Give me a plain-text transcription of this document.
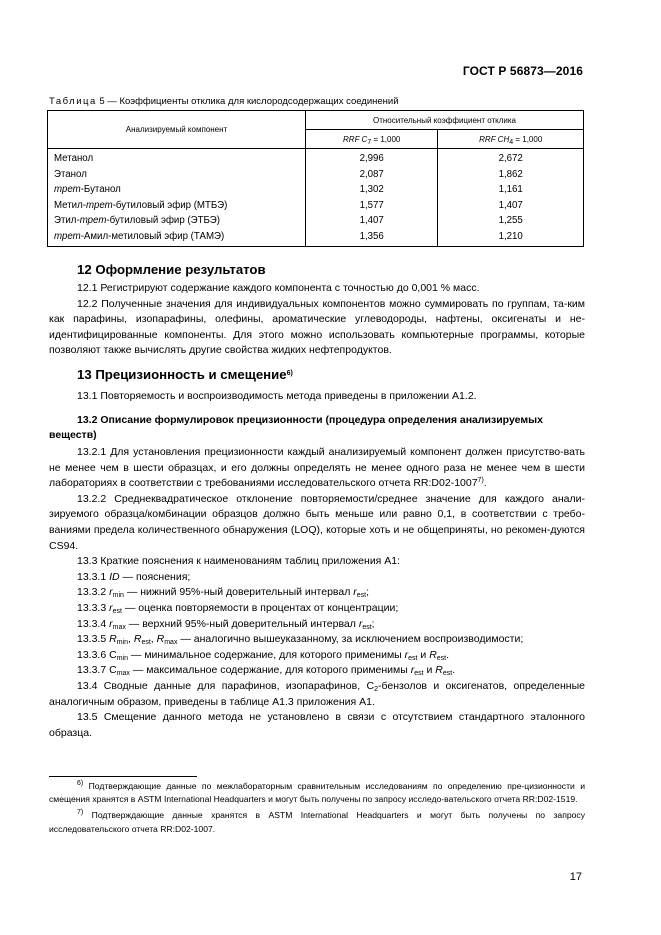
ГОСТ Р 56873—2016
Таблица 5 — Коэффициенты отклика для кислородсодержащих соединений
Анализируемый компонент	Относительный коэффициент отклика	
	RRF $C_7 = 1,000$	RRF $CH_4 = 1,000$
Метанол	2,996	2,672
Этанол	2,087	1,862
трет-Бутанол	1,302	1,161
Метил-трет-бутиловый эфир (МТБЭ)	1,577	1,407
Этил-трет-бутиловый эфир (ЭТБЭ)	1,407	1,255
трет-Амил-метиловый эфир (ТАМЭ)	1,356	1,210
12 Оформление результатов
12.1 Регистрируют содержание каждого компонента с точностью до 0,001 % масс.
12.2 Полученные значения для индивидуальных компонентов можно суммировать по группам, та-ким как парафины, изопарафины, олефины, ароматические углеводороды, нафтены, оксигенаты и не-идентифицированные компоненты. Для этого можно использовать компьютерные программы, которые позволяют также вычислять другие свойства жидких нефтепродуктов.
13 Прецизионность и смещение$^{6)}$
13.1 Повторяемость и воспроизводимость метода приведены в приложении А1.2.
13.2 Описание формулировок прецизионности (процедура определения анализируемых веществ)
13.2.1 Для установления прецизионности каждый анализируемый компонент должен присутство-вать не менее чем в шести образцах, и его должны определять не менее одного раза не менее чем в шести лабораториях в соответствии с требованиями исследовательского отчета RR:D02-1007$^{7)}$.
13.2.2 Среднеквадратическое отклонение повторяемости/среднее значение для каждого анали-зируемого образца/комбинации образцов должно быть меньше или равно 0,1, в соответствии с требо-ваниями предела количественного обнаружения (LOQ), которые хоть и не общеприняты, но рекомен-дуются CS94.
13.3 Краткие пояснения к наименованиям таблиц приложения А1:
13.3.1 ID — пояснения;
13.3.2 $r_{min}$ — нижний 95%-ный доверительный интервал $r_{est}$;
13.3.3 $r_{est}$ — оценка повторяемости в процентах от концентрации;
13.3.4 $r_{max}$ — верхний 95%-ный доверительный интервал $r_{est}$;
13.3.5 $R_{min}$, $R_{est}$, $R_{max}$ — аналогично вышеуказанному, за исключением воспроизводимости;
13.3.6 $C_{min}$ — минимальное содержание, для которого применимы $r_{est}$ и $R_{est}$.
13.3.7 $C_{max}$ — максимальное содержание, для которого применимы $r_{est}$ и $R_{est}$.
13.4 Сводные данные для парафинов, изопарафинов, $C_2$-бензолов и оксигенатов, определенные аналогичным образом, приведены в таблице А1.3 приложения А1.
13.5 Смещение данного метода не установлено в связи с отсутствием стандартного эталонного образца.
$^{6)}$ Подтверждающие данные по межлабораторным сравнительным исследованиям по определению пре-цизионности и смещения хранятся в ASTM International Headquarters и могут быть получены по запросу исследо-вательского отчета RR:D02-1519.
$^{7)}$ Подтверждающие данные хранятся в ASTM International Headquarters и могут быть получены по запросу исследовательского отчета RR:D02-1007.
17
